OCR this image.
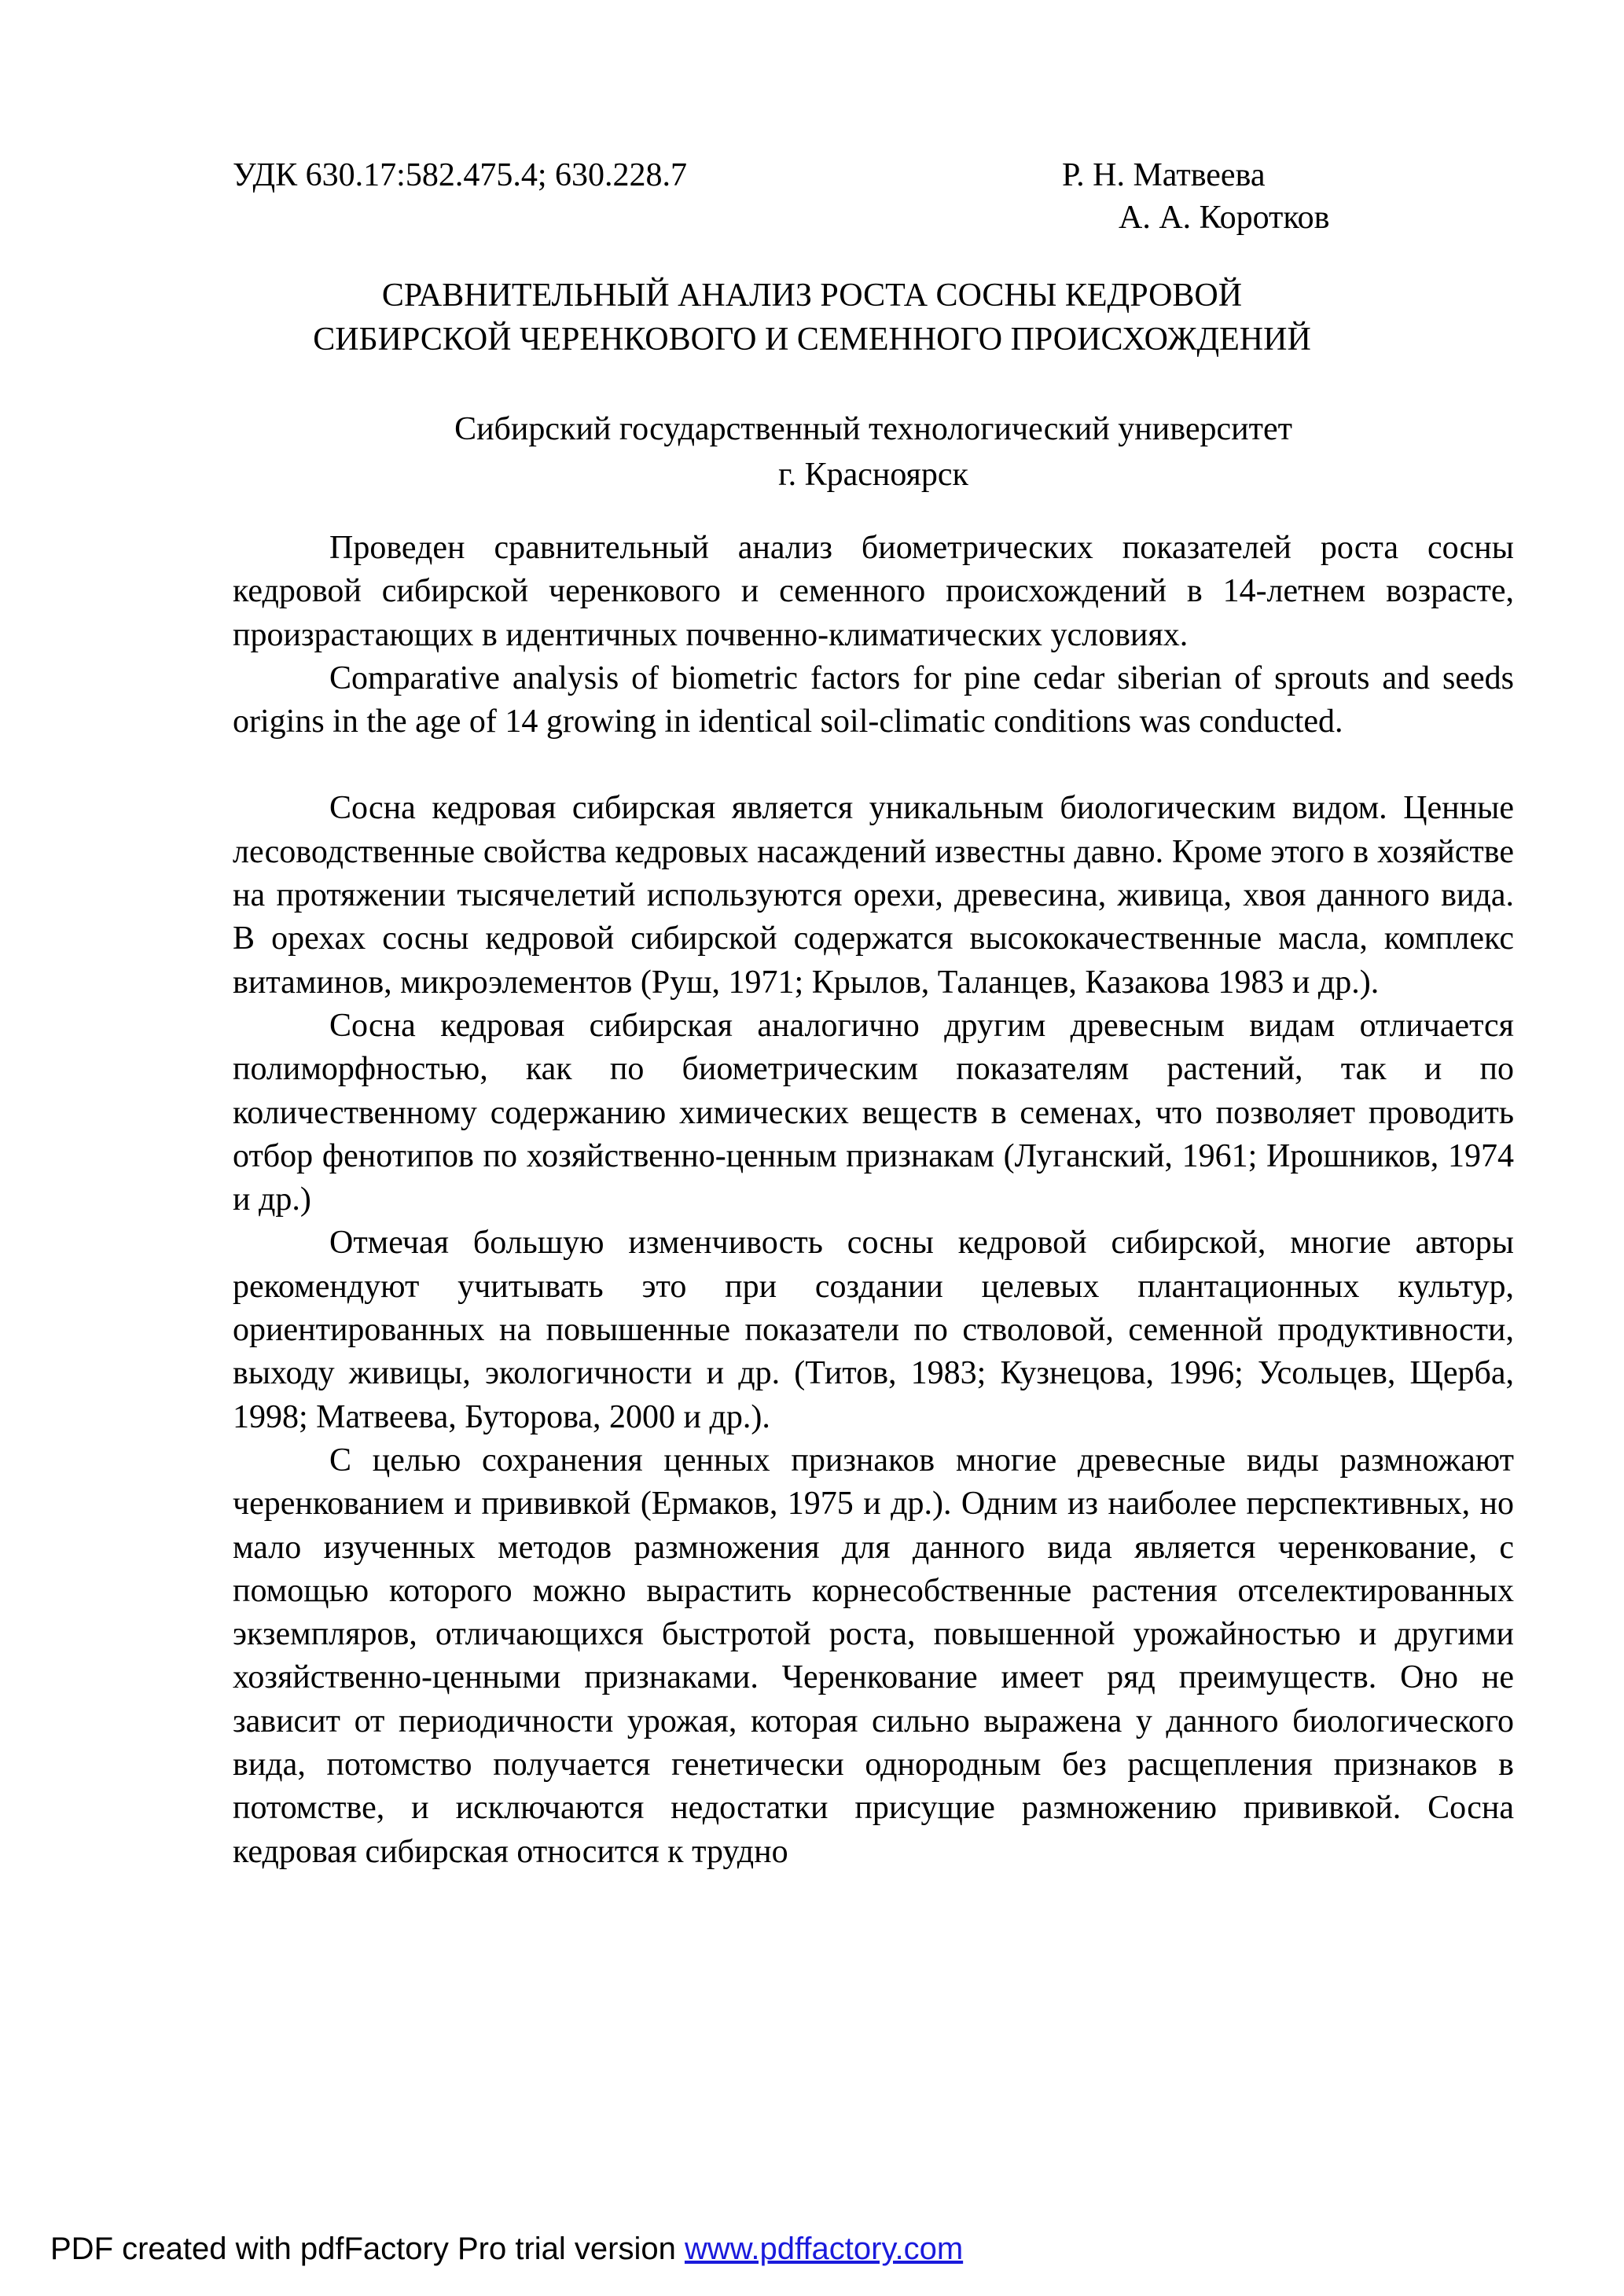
УДК 630.17:582.475.4; 630.228.7	Р. Н. Матвеева
А. А. Коротков
СРАВНИТЕЛЬНЫЙ АНАЛИЗ РОСТА СОСНЫ КЕДРОВОЙ
СИБИРСКОЙ ЧЕРЕНКОВОГО И СЕМЕННОГО ПРОИСХОЖДЕНИЙ
Сибирский государственный технологический университет
г. Красноярск

Проведен сравнительный анализ биометрических показателей роста сосны кедровой сибирской черенкового и семенного происхождений в 14-летнем возрасте, произрастающих в идентичных почвенно-климатических условиях.

Comparative analysis of biometric factors for pine cedar siberian of sprouts and seeds origins in the age of 14 growing in identical soil-climatic conditions was conducted.

Сосна кедровая сибирская является уникальным биологическим видом. Ценные лесоводственные свойства кедровых насаждений известны давно. Кроме этого в хозяйстве на протяжении тысячелетий используются орехи, древесина, живица, хвоя данного вида. В орехах сосны кедровой сибирской содержатся высококачественные масла, комплекс витаминов, микроэлементов (Руш, 1971; Крылов, Таланцев, Казакова 1983 и др.).

Сосна кедровая сибирская аналогично другим древесным видам отличается полиморфностью, как по биометрическим показателям растений, так и по количественному содержанию химических веществ в семенах, что позволяет проводить отбор фенотипов по хозяйственно-ценным признакам (Луганский, 1961; Ирошников, 1974 и др.)

Отмечая большую изменчивость сосны кедровой сибирской, многие авторы рекомендуют учитывать это при создании целевых плантационных культур, ориентированных на повышенные показатели по стволовой, семенной продуктивности, выходу живицы, экологичности и др. (Титов, 1983; Кузнецова, 1996; Усольцев, Щерба, 1998; Матвеева, Буторова, 2000 и др.).

С целью сохранения ценных признаков многие древесные виды размножают черенкованием и прививкой (Ермаков, 1975 и др.). Одним из наиболее перспективных, но мало изученных методов размножения для данного вида является черенкование, с помощью которого можно вырастить корнесобственные растения отселектированных экземпляров, отличающихся быстротой роста, повышенной урожайностью и другими хозяйственно-ценными признаками. Черенкование имеет ряд преимуществ. Оно не зависит от периодичности урожая, которая сильно выражена у данного биологического вида, потомство получается генетически однородным без расщепления признаков в потомстве, и исключаются недостатки присущие размножению прививкой. Сосна кедровая сибирская относится к трудно

PDF created with pdfFactory Pro trial version www.pdffactory.com
